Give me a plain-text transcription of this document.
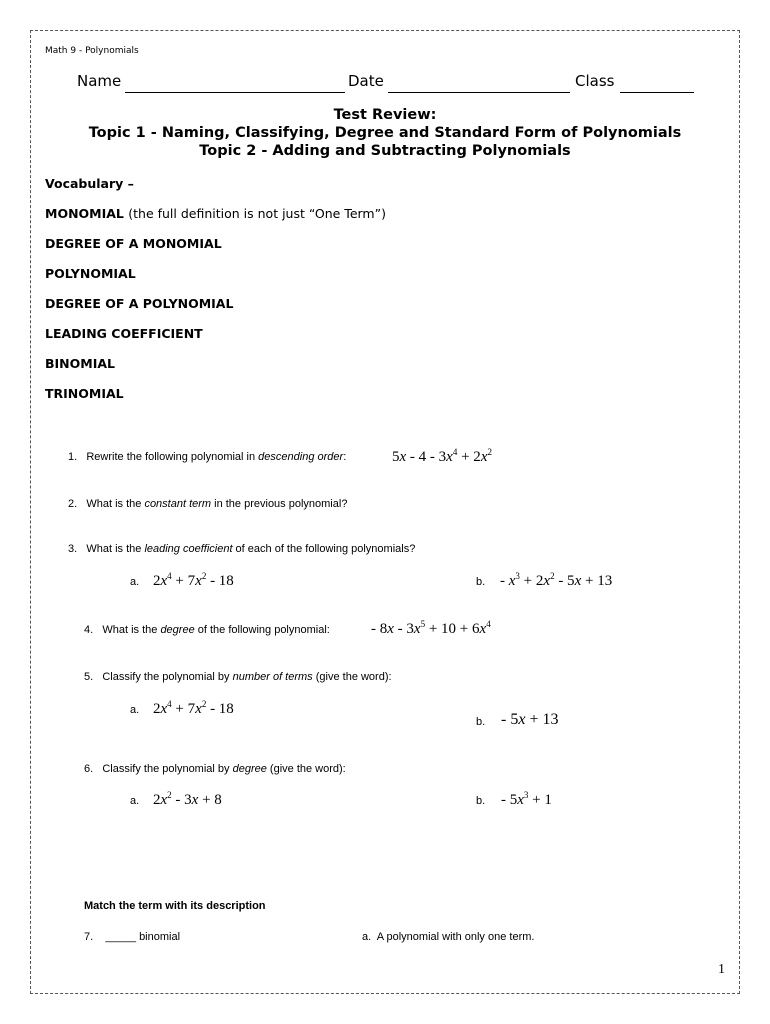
Math 9 - Polynomials
Name	Date	Class
Test Review:
Topic 1 - Naming, Classifying, Degree and Standard Form of Polynomials
Topic 2 - Adding and Subtracting Polynomials
Vocabulary –
MONOMIAL (the full definition is not just “One Term”)
DEGREE OF A MONOMIAL
POLYNOMIAL
DEGREE OF A POLYNOMIAL
LEADING COEFFICIENT
BINOMIAL
TRINOMIAL
1. Rewrite the following polynomial in descending order:	$5x - 4 - 3x^4 + 2x^2$
2. What is the constant term in the previous polynomial?
3. What is the leading coefficient of each of the following polynomials?
a. $2x^4 + 7x^2 - 18$	b. - $x^3 + 2x^2 - 5x + 13$
4. What is the degree of the following polynomial:	- $8x - 3x^5 + 10 + 6x^4$
5. Classify the polynomial by number of terms (give the word):
a. $2x^4 + 7x^2 - 18$
b. - 5x + 13
6. Classify the polynomial by degree (give the word):
a. $2x^2 - 3x + 8$	b. - $5x^3 + 1$
Match the term with its description
7. _____ binomial	a. A polynomial with only one term.
1
